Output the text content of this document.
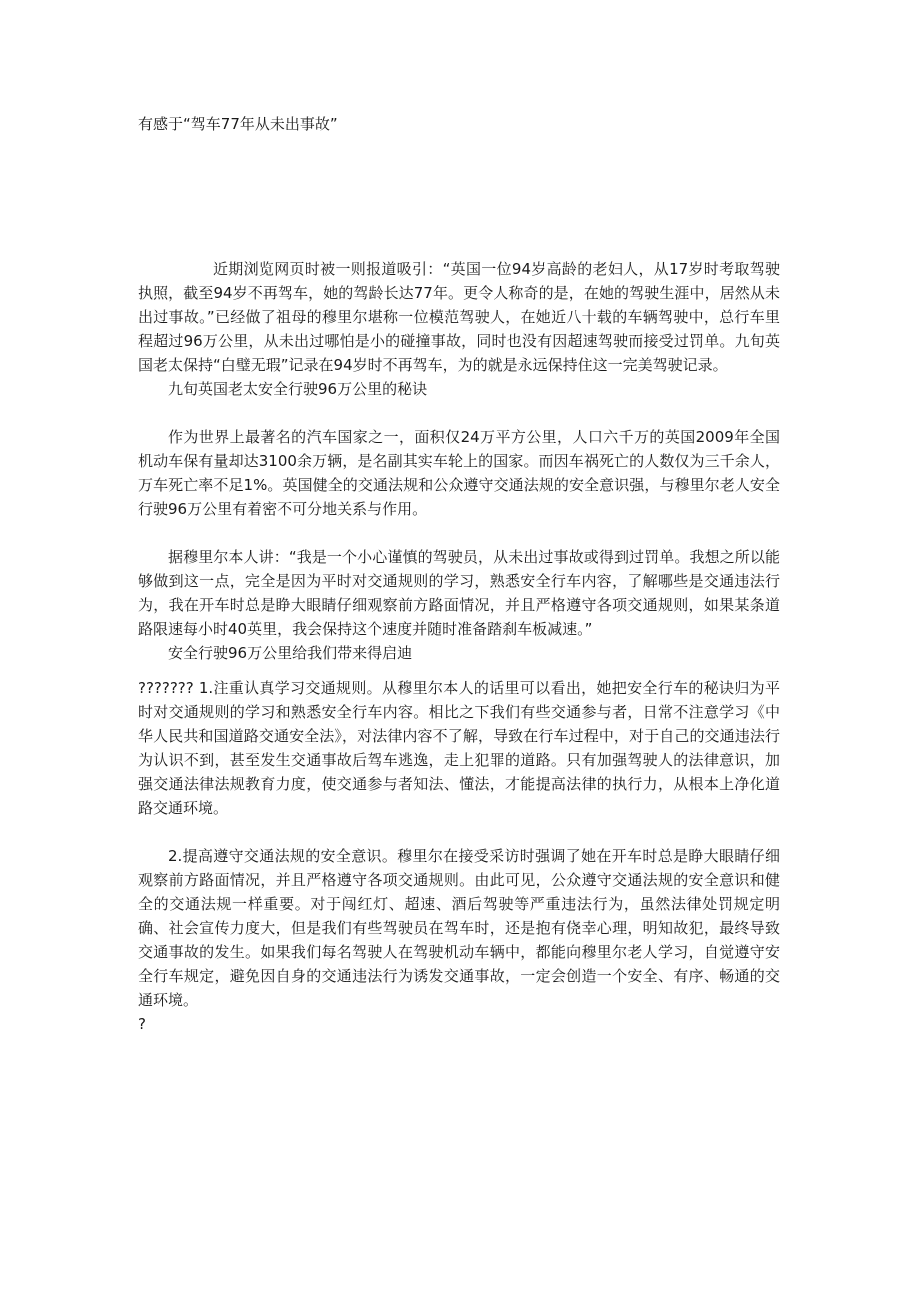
有感于“驾车77年从未出事故”

近期浏览网页时被一则报道吸引：“英国一位94岁高龄的老妇人，从17岁时考取驾驶执照，截至94岁不再驾车，她的驾龄长达77年。更令人称奇的是，在她的驾驶生涯中，居然从未出过事故。”已经做了祖母的穆里尔堪称一位模范驾驶人，在她近八十载的车辆驾驶中，总行车里程超过96万公里，从未出过哪怕是小的碰撞事故，同时也没有因超速驾驶而接受过罚单。九旬英国老太保持“白璧无瑕”记录在94岁时不再驾车，为的就是永远保持住这一完美驾驶记录。

九旬英国老太安全行驶96万公里的秘诀

作为世界上最著名的汽车国家之一，面积仅24万平方公里，人口六千万的英国2009年全国机动车保有量却达3100余万辆，是名副其实车轮上的国家。而因车祸死亡的人数仅为三千余人，万车死亡率不足1%。英国健全的交通法规和公众遵守交通法规的安全意识强，与穆里尔老人安全行驶96万公里有着密不可分地关系与作用。

据穆里尔本人讲：“我是一个小心谨慎的驾驶员，从未出过事故或得到过罚单。我想之所以能够做到这一点，完全是因为平时对交通规则的学习，熟悉安全行车内容，了解哪些是交通违法行为，我在开车时总是睁大眼睛仔细观察前方路面情况，并且严格遵守各项交通规则，如果某条道路限速每小时40英里，我会保持这个速度并随时准备踏刹车板减速。”

安全行驶96万公里给我们带来得启迪

??????? 1.注重认真学习交通规则。从穆里尔本人的话里可以看出，她把安全行车的秘诀归为平时对交通规则的学习和熟悉安全行车内容。相比之下我们有些交通参与者，日常不注意学习《中华人民共和国道路交通安全法》，对法律内容不了解，导致在行车过程中，对于自己的交通违法行为认识不到，甚至发生交通事故后驾车逃逸，走上犯罪的道路。只有加强驾驶人的法律意识，加强交通法律法规教育力度，使交通参与者知法、懂法，才能提高法律的执行力，从根本上净化道路交通环境。

2.提高遵守交通法规的安全意识。穆里尔在接受采访时强调了她在开车时总是睁大眼睛仔细观察前方路面情况，并且严格遵守各项交通规则。由此可见，公众遵守交通法规的安全意识和健全的交通法规一样重要。对于闯红灯、超速、酒后驾驶等严重违法行为，虽然法律处罚规定明确、社会宣传力度大，但是我们有些驾驶员在驾车时，还是抱有侥幸心理，明知故犯，最终导致交通事故的发生。如果我们每名驾驶人在驾驶机动车辆中，都能向穆里尔老人学习，自觉遵守安全行车规定，避免因自身的交通违法行为诱发交通事故，一定会创造一个安全、有序、畅通的交通环境。

?
